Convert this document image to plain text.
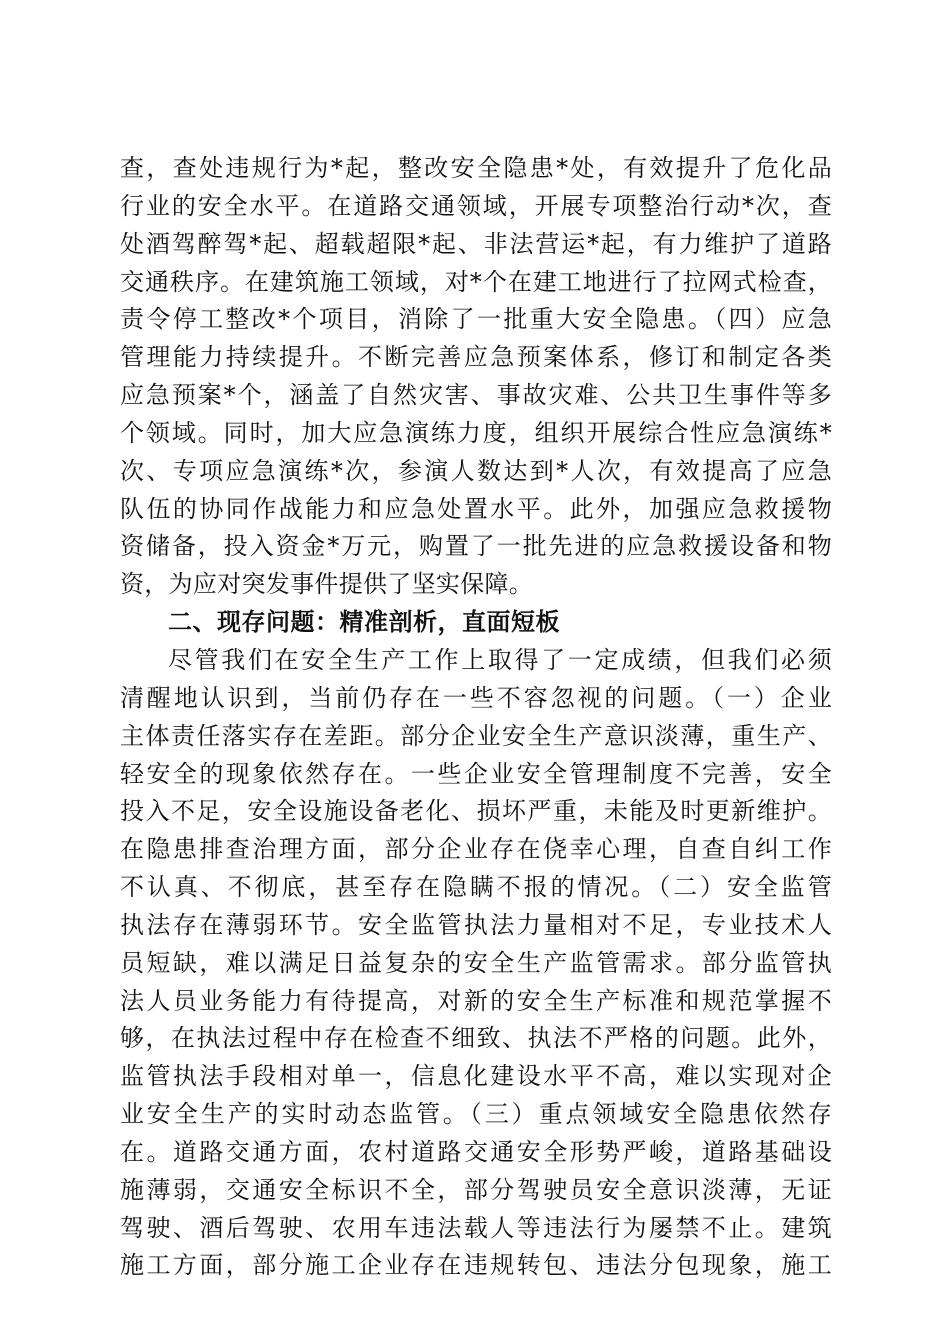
查，查处违规行为*起，整改安全隐患*处，有效提升了危化品
行业的安全水平。在道路交通领域，开展专项整治行动*次，查
处酒驾醉驾*起、超载超限*起、非法营运*起，有力维护了道路
交通秩序。在建筑施工领域，对*个在建工地进行了拉网式检查，
责令停工整改*个项目，消除了一批重大安全隐患。（四）应急
管理能力持续提升。不断完善应急预案体系，修订和制定各类
应急预案*个，涵盖了自然灾害、事故灾难、公共卫生事件等多
个领域。同时，加大应急演练力度，组织开展综合性应急演练*
次、专项应急演练*次，参演人数达到*人次，有效提高了应急
队伍的协同作战能力和应急处置水平。此外，加强应急救援物
资储备，投入资金*万元，购置了一批先进的应急救援设备和物
资，为应对突发事件提供了坚实保障。
二、现存问题：精准剖析，直面短板
尽管我们在安全生产工作上取得了一定成绩，但我们必须
清醒地认识到，当前仍存在一些不容忽视的问题。（一）企业
主体责任落实存在差距。部分企业安全生产意识淡薄，重生产、
轻安全的现象依然存在。一些企业安全管理制度不完善，安全
投入不足，安全设施设备老化、损坏严重，未能及时更新维护。
在隐患排查治理方面，部分企业存在侥幸心理，自查自纠工作
不认真、不彻底，甚至存在隐瞒不报的情况。（二）安全监管
执法存在薄弱环节。安全监管执法力量相对不足，专业技术人
员短缺，难以满足日益复杂的安全生产监管需求。部分监管执
法人员业务能力有待提高，对新的安全生产标准和规范掌握不
够，在执法过程中存在检查不细致、执法不严格的问题。此外，
监管执法手段相对单一，信息化建设水平不高，难以实现对企
业安全生产的实时动态监管。（三）重点领域安全隐患依然存
在。道路交通方面，农村道路交通安全形势严峻，道路基础设
施薄弱，交通安全标识不全，部分驾驶员安全意识淡薄，无证
驾驶、酒后驾驶、农用车违法载人等违法行为屡禁不止。建筑
施工方面，部分施工企业存在违规转包、违法分包现象，施工
